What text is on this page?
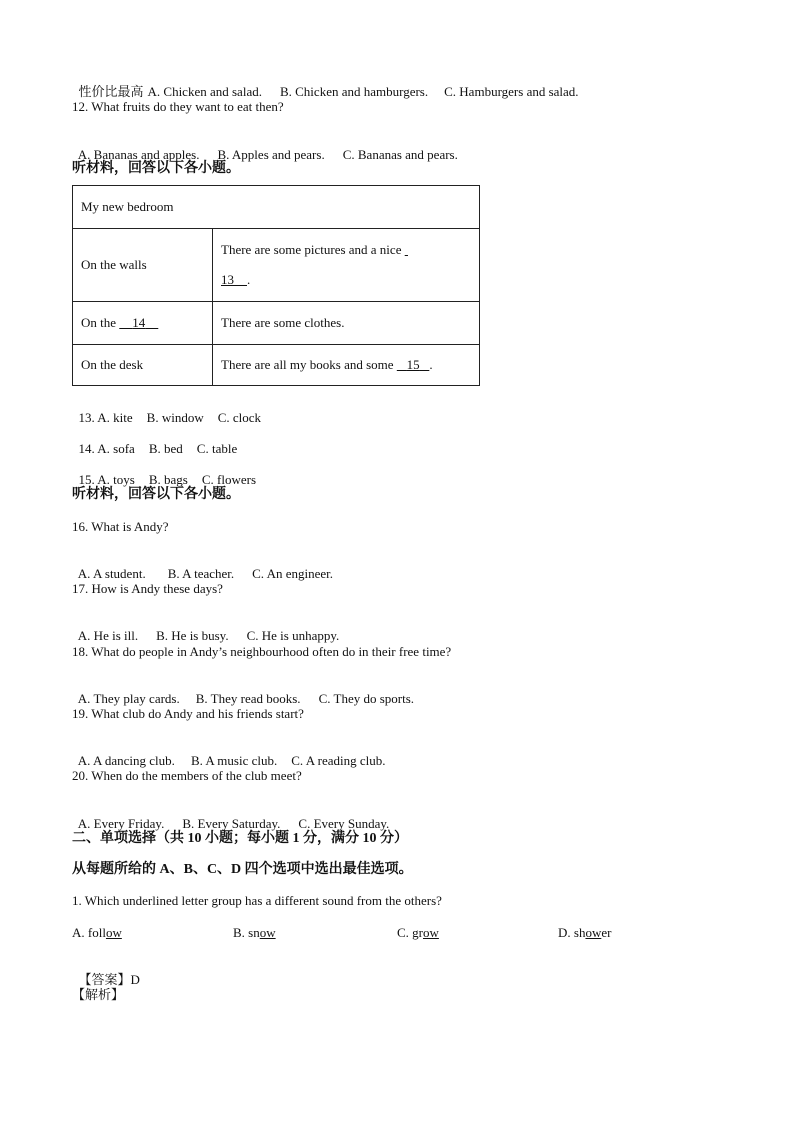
性价比最高 A. Chicken and salad. B. Chicken and hamburgers. C. Hamburgers and salad.

12. What fruits do they want to eat then?

A. Bananas and apples. B. Apples and pears. C. Bananas and pears.

听材料，回答以下各小题。
My new bedroom	
On the walls	There are some pictures and a nice
13 .
On the     14	There are some clothes.
On the desk	There are all my books and some    15 .

13. A. kite B. window C. clock

14. A. sofa B. bed C. table

15. A. toys B. bags C. flowers

听材料，回答以下各小题。
16. What is Andy?

A. A student. B. A teacher. C. An engineer.

17. How is Andy these days?

A. He is ill. B. He is busy. C. He is unhappy.

18. What do people in Andy’s neighbourhood often do in their free time?

A. They play cards. B. They read books. C. They do sports.

19. What club do Andy and his friends start?

A. A dancing club. B. A music club. C. A reading club.

20. When do the members of the club meet?

A. Every Friday. B. Every Saturday. C. Every Sunday.

二、单项选择（共 10 小题；每小题 1 分，满分 10 分）
从每题所给的 A、B、C、D 四个选项中选出最佳选项。
1. Which underlined letter group has a different sound from the others?
A. follow	B. snow	C. grow	D. shower

【答案】D

【解析】
